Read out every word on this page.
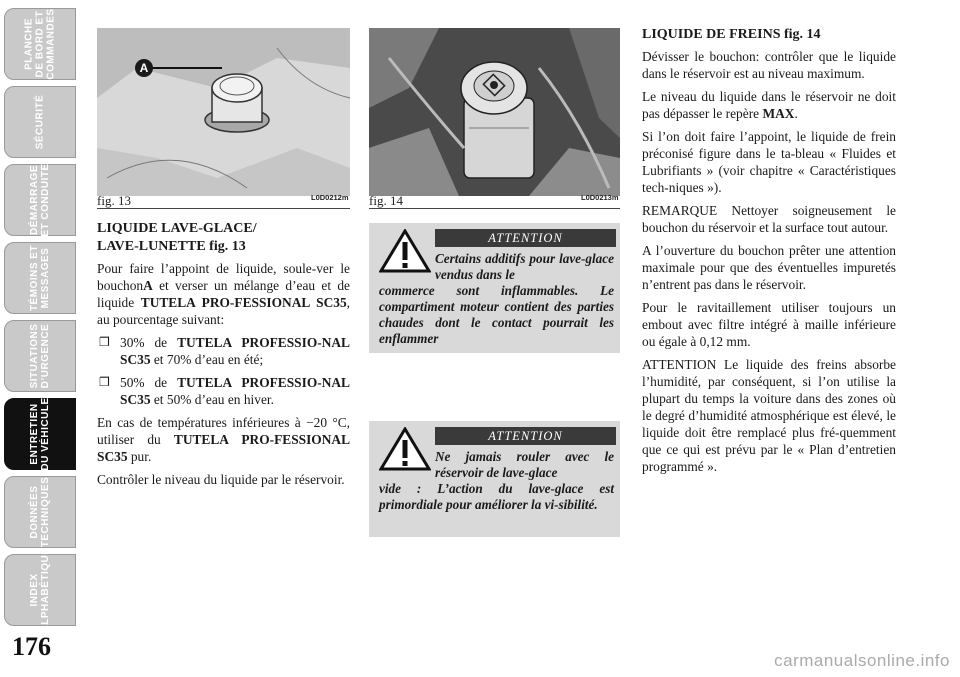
PLANCHE
DE BORD ET
COMMANDES
SÉCURITÉ
DÉMARRAGE
ET CONDUITE
TÉMOINS ET
MESSAGES
SITUATIONS
D’URGENCE
ENTRETIEN
DU VÉHICULE
DONNÉES
TECHNIQUES
INDEX
ALPHABÉTIQUE
176
A
fig. 13	L0D0212m fig. 14	L0D0213m
LIQUIDE LAVE-GLACE/
LAVE-LUNETTE fig. 13

Pour faire l’appoint de liquide, soule-ver le bouchonA et verser un mélange d’eau et de liquide TUTELA PRO-FESSIONAL SC35, au pourcentage suivant:

❒ 30% de TUTELA PROFESSIO-NAL SC35 et 70% d’eau en été;
❒ 50% de TUTELA PROFESSIO-NAL SC35 et 50% d’eau en hiver.

En cas de températures inférieures à −20 °C, utiliser du TUTELA PRO-FESSIONAL SC35 pur.

Contrôler le niveau du liquide par le réservoir.

ATTENTION
Certains additifs pour lave-glace vendus dans le
commerce sont inflammables. Le compartiment moteur contient des parties chaudes dont le contact pourrait les enflammer
ATTENTION
Ne jamais rouler avec le réservoir de lave-glace
vide : L’action du lave-glace est primordiale pour améliorer la vi-sibilité.
LIQUIDE DE FREINS fig. 14

Dévisser le bouchon: contrôler que le liquide dans le réservoir est au niveau maximum.

Le niveau du liquide dans le réservoir ne doit pas dépasser le repère MAX.

Si l’on doit faire l’appoint, le liquide de frein préconisé figure dans le ta-bleau « Fluides et Lubrifiants » (voir chapitre « Caractéristiques tech-niques »).

REMARQUE Nettoyer soigneusement le bouchon du réservoir et la surface tout autour.

A l’ouverture du bouchon prêter une attention maximale pour que des éventuelles impuretés n’entrent pas dans le réservoir.

Pour le ravitaillement utiliser toujours un embout avec filtre intégré à maille inférieure ou égale à 0,12 mm.

ATTENTION Le liquide des freins absorbe l’humidité, par conséquent, si l’on utilise la plupart du temps la voiture dans des zones où le degré d’humidité atmosphérique est élevé, le liquide doit être remplacé plus fré-quemment que ce qui est prévu par le « Plan d’entretien programmé ».

carmanualsonline.info
